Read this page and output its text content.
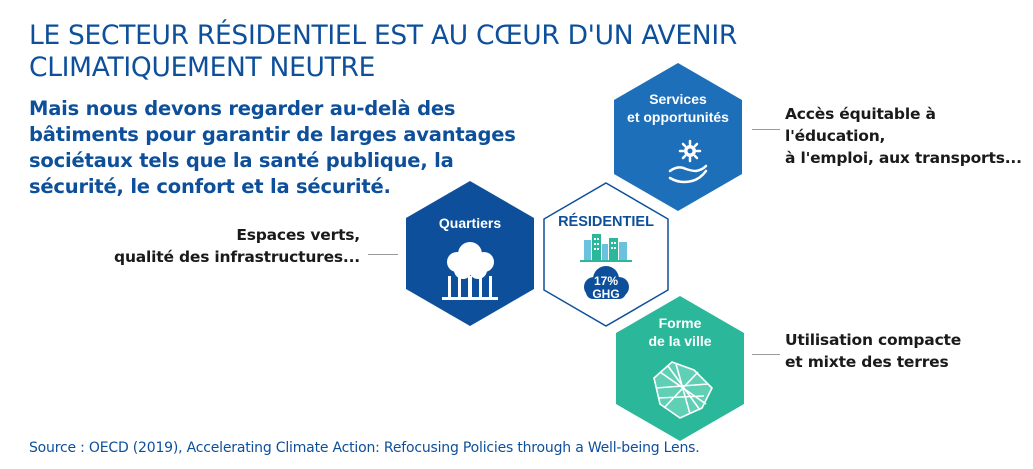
LE SECTEUR RÉSIDENTIEL EST AU CŒUR D'UN AVENIR CLIMATIQUEMENT NEUTRE
Mais nous devons regarder au-delà des bâtiments pour garantir de larges avantages sociétaux tels que la santé publique, la sécurité, le confort et la sécurité.
Services
et opportunités
Quartiers	RÉSIDENTIEL
17%
GHG
Forme
de la ville
Accès équitable à l'éducation,
à l'emploi, aux transports...
Espaces verts,
qualité des infrastructures...
Utilisation compacte
et mixte des terres
Source : OECD (2019), Accelerating Climate Action: Refocusing Policies through a Well-being Lens.
